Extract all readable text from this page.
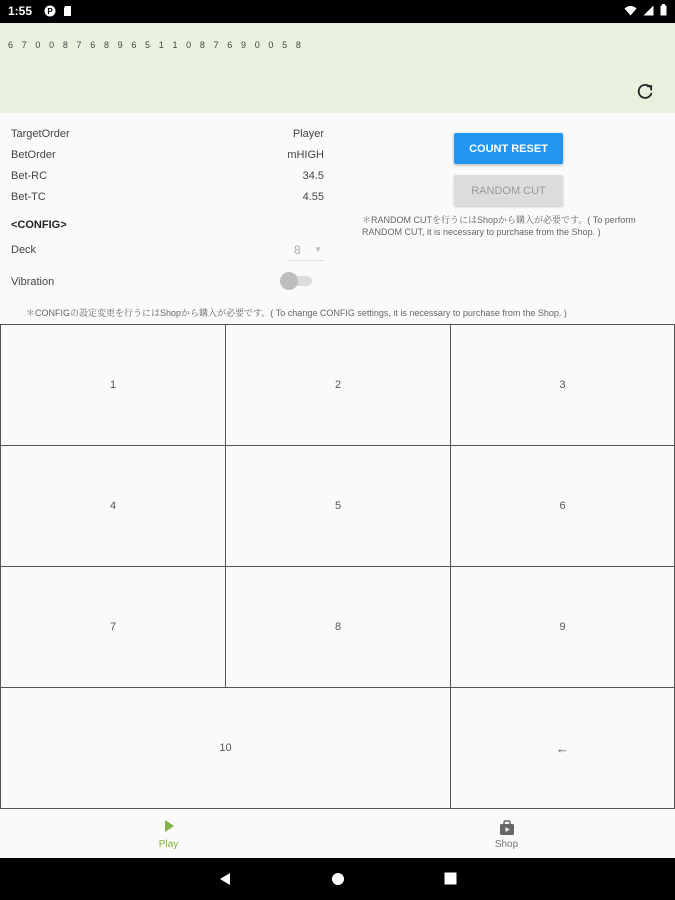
1:55 P
6 7 0 0 8 7 6 8 9 6 5 1 1 0 8 7 6 9 0 0 5 8
TargetOrder	Player
BetOrder	mHIGH
Bet-RC	34.5
Bet-TC	4.55
<CONFIG>
Deck	8 ▼
Vibration
COUNT RESET
RANDOM CUT
＊RANDOM CUTを行うにはShopから購入が必要です。( To perform RANDOM CUT, it is necessary to purchase from the Shop. )
＊CONFIGの設定変更を行うにはShopから購入が必要です。( To change CONFIG settings, it is necessary to purchase from the Shop. )
1	2	3
4	5	6
7	8	9
10	←
Play	Shop
